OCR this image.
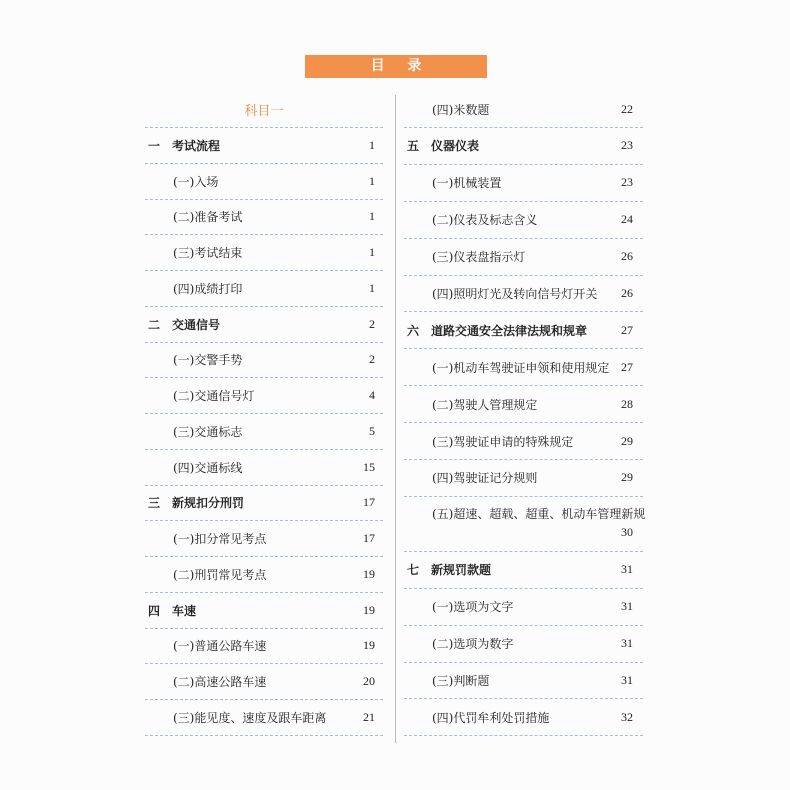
目 录
科目一
一 考试流程	1
(一)入场	1
(二)准备考试	1
(三)考试结束	1
(四)成绩打印	1
二 交通信号	2
(一)交警手势	2
(二)交通信号灯	4
(三)交通标志	5
(四)交通标线	15
三 新规扣分刑罚	17
(一)扣分常见考点	17
(二)刑罚常见考点	19
四 车速	19
(一)普通公路车速	19
(二)高速公路车速	20
(三)能见度、速度及跟车距离	21
(四)米数题	22
五 仪器仪表	23
(一)机械装置	23
(二)仪表及标志含义	24
(三)仪表盘指示灯	26
(四)照明灯光及转向信号灯开关 26
六 道路交通安全法律法规和规章	27
(一)机动车驾驶证申领和使用规定 27
(二)驾驶人管理规定	28
(三)驾驶证申请的特殊规定	29
(四)驾驶证记分规则	29
(五)超速、超载、超重、机动车管理新规
30
七 新规罚款题	31
(一)选项为文字	31
(二)选项为数字	31
(三)判断题	31
(四)代罚牟利处罚措施	32
